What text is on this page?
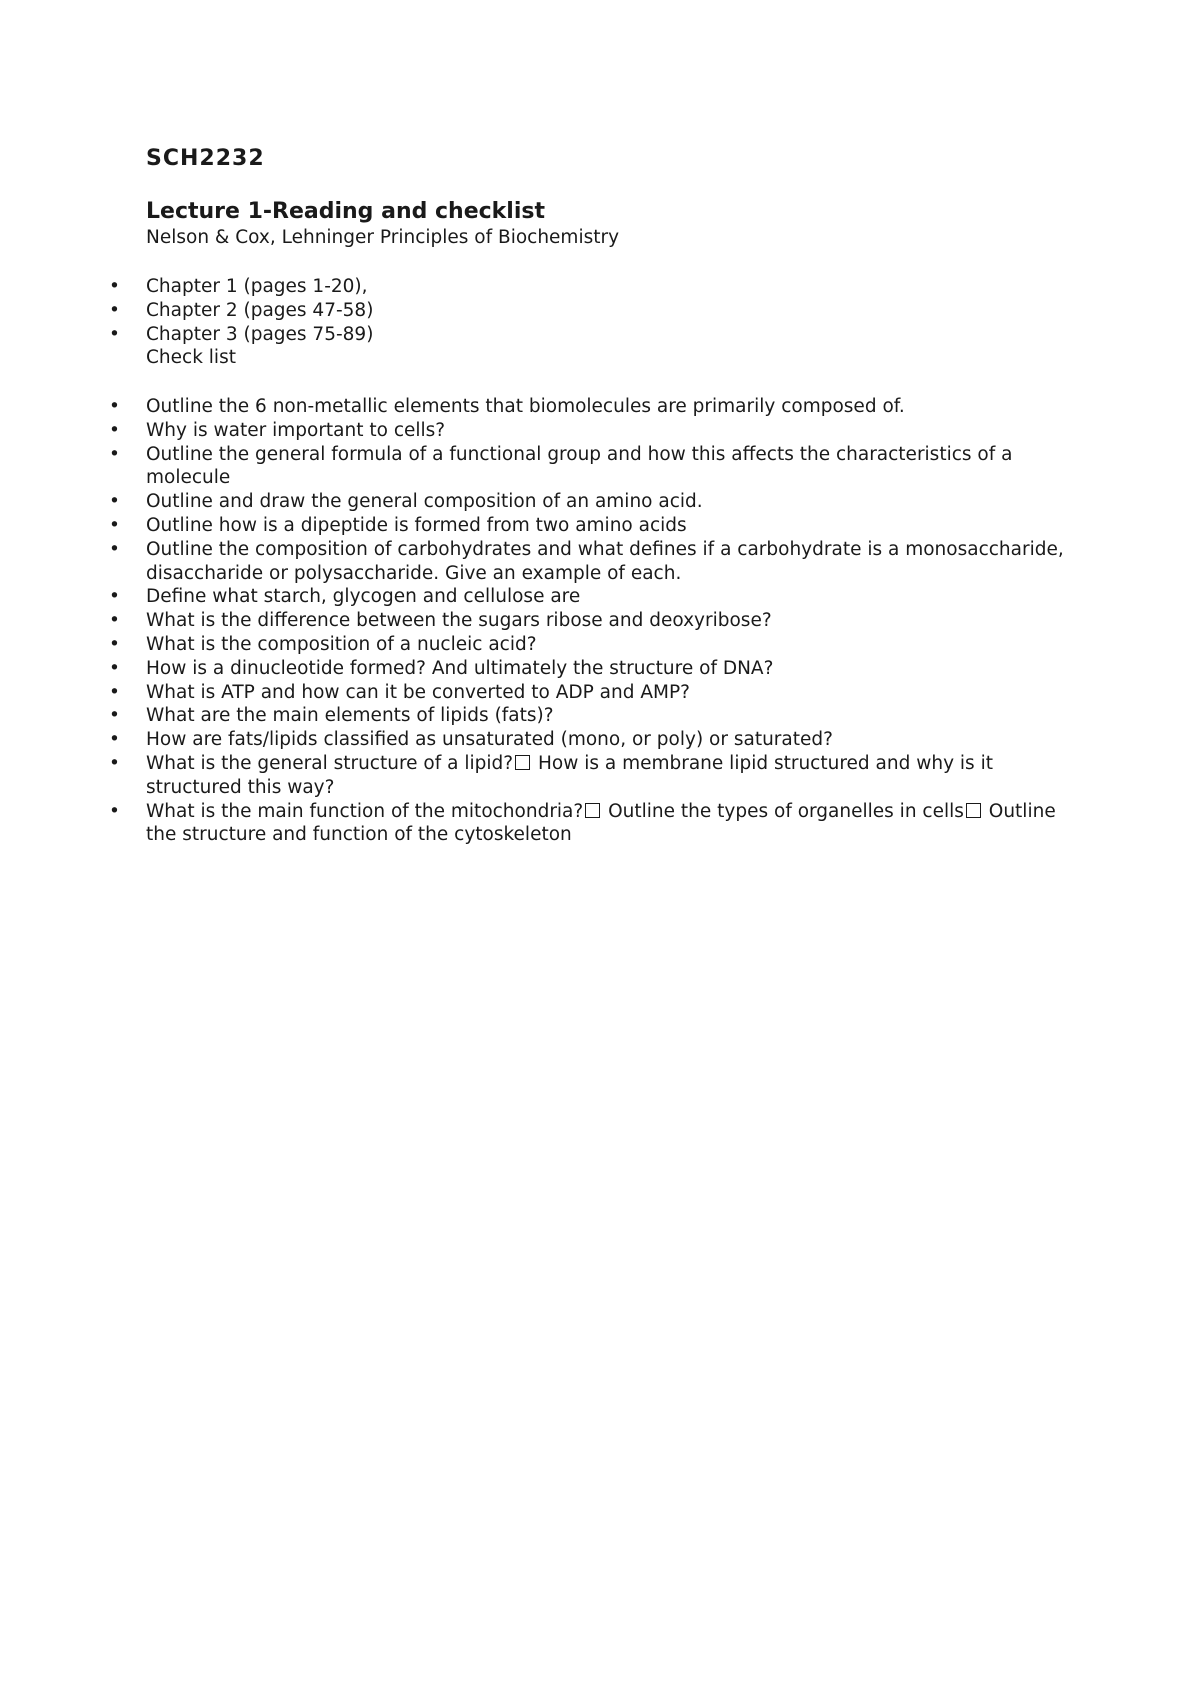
SCH2232
Lecture 1-Reading and checklist

Nelson & Cox, Lehninger Principles of Biochemistry

• Chapter 1 (pages 1-20),
• Chapter 2 (pages 47-58)
• Chapter 3 (pages 75-89)

Check list

• Outline the 6 non-metallic elements that biomolecules are primarily composed of.
• Why is water important to cells?
• Outline the general formula of a functional group and how this affects the characteristics of a molecule
• Outline and draw the general composition of an amino acid.
• Outline how is a dipeptide is formed from two amino acids
• Outline the composition of carbohydrates and what defines if a carbohydrate is a monosaccharide, disaccharide or polysaccharide. Give an example of each.
• Define what starch, glycogen and cellulose are
• What is the difference between the sugars ribose and deoxyribose?
• What is the composition of a nucleic acid?
• How is a dinucleotide formed? And ultimately the structure of DNA?
• What is ATP and how can it be converted to ADP and AMP?
• What are the main elements of lipids (fats)?
• How are fats/lipids classified as unsaturated (mono, or poly) or saturated?
• What is the general structure of a lipid? How is a membrane lipid structured and why is it structured this way?
• What is the main function of the mitochondria? Outline the types of organelles in cells Outline the structure and function of the cytoskeleton
